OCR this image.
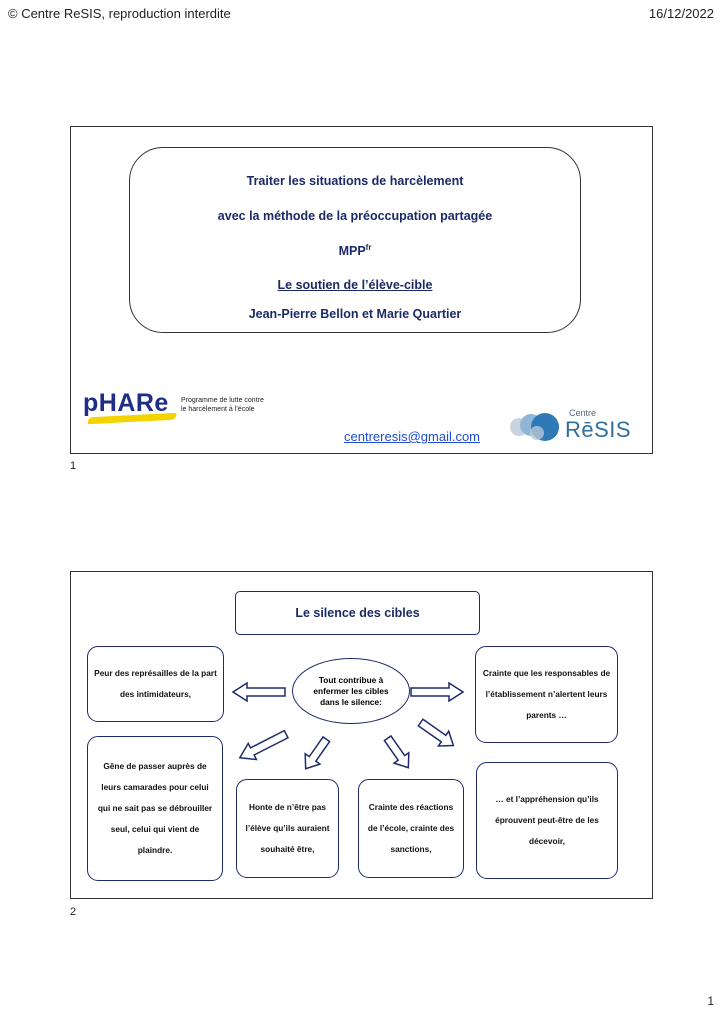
© Centre ReSIS, reproduction interdite	16/12/2022
Traiter les situations de harcèlement
avec la méthode de la préoccupation partagée
$MPP^{fr}$
Le soutien de l’élève-cible
Jean-Pierre Bellon et Marie Quartier
pHARe Programme de lutte contre
le harcèlement à l’école
centreresis@gmail.com
Centre
RēSIS
1
Le silence des cibles
Tout contribue à enfermer les cibles dans le silence:
Peur des représailles de la part des intimidateurs,
Crainte que les responsables de l’établissement n’alertent leurs parents …
Gêne de passer auprès de leurs camarades pour celui qui ne sait pas se débrouiller seul, celui qui vient de plaindre.
Honte de n’être pas l’élève qu’ils auraient souhaité être,
Crainte des réactions de l’école, crainte des sanctions,
… et l’appréhension qu’ils éprouvent peut-être de les décevoir,
2
1
